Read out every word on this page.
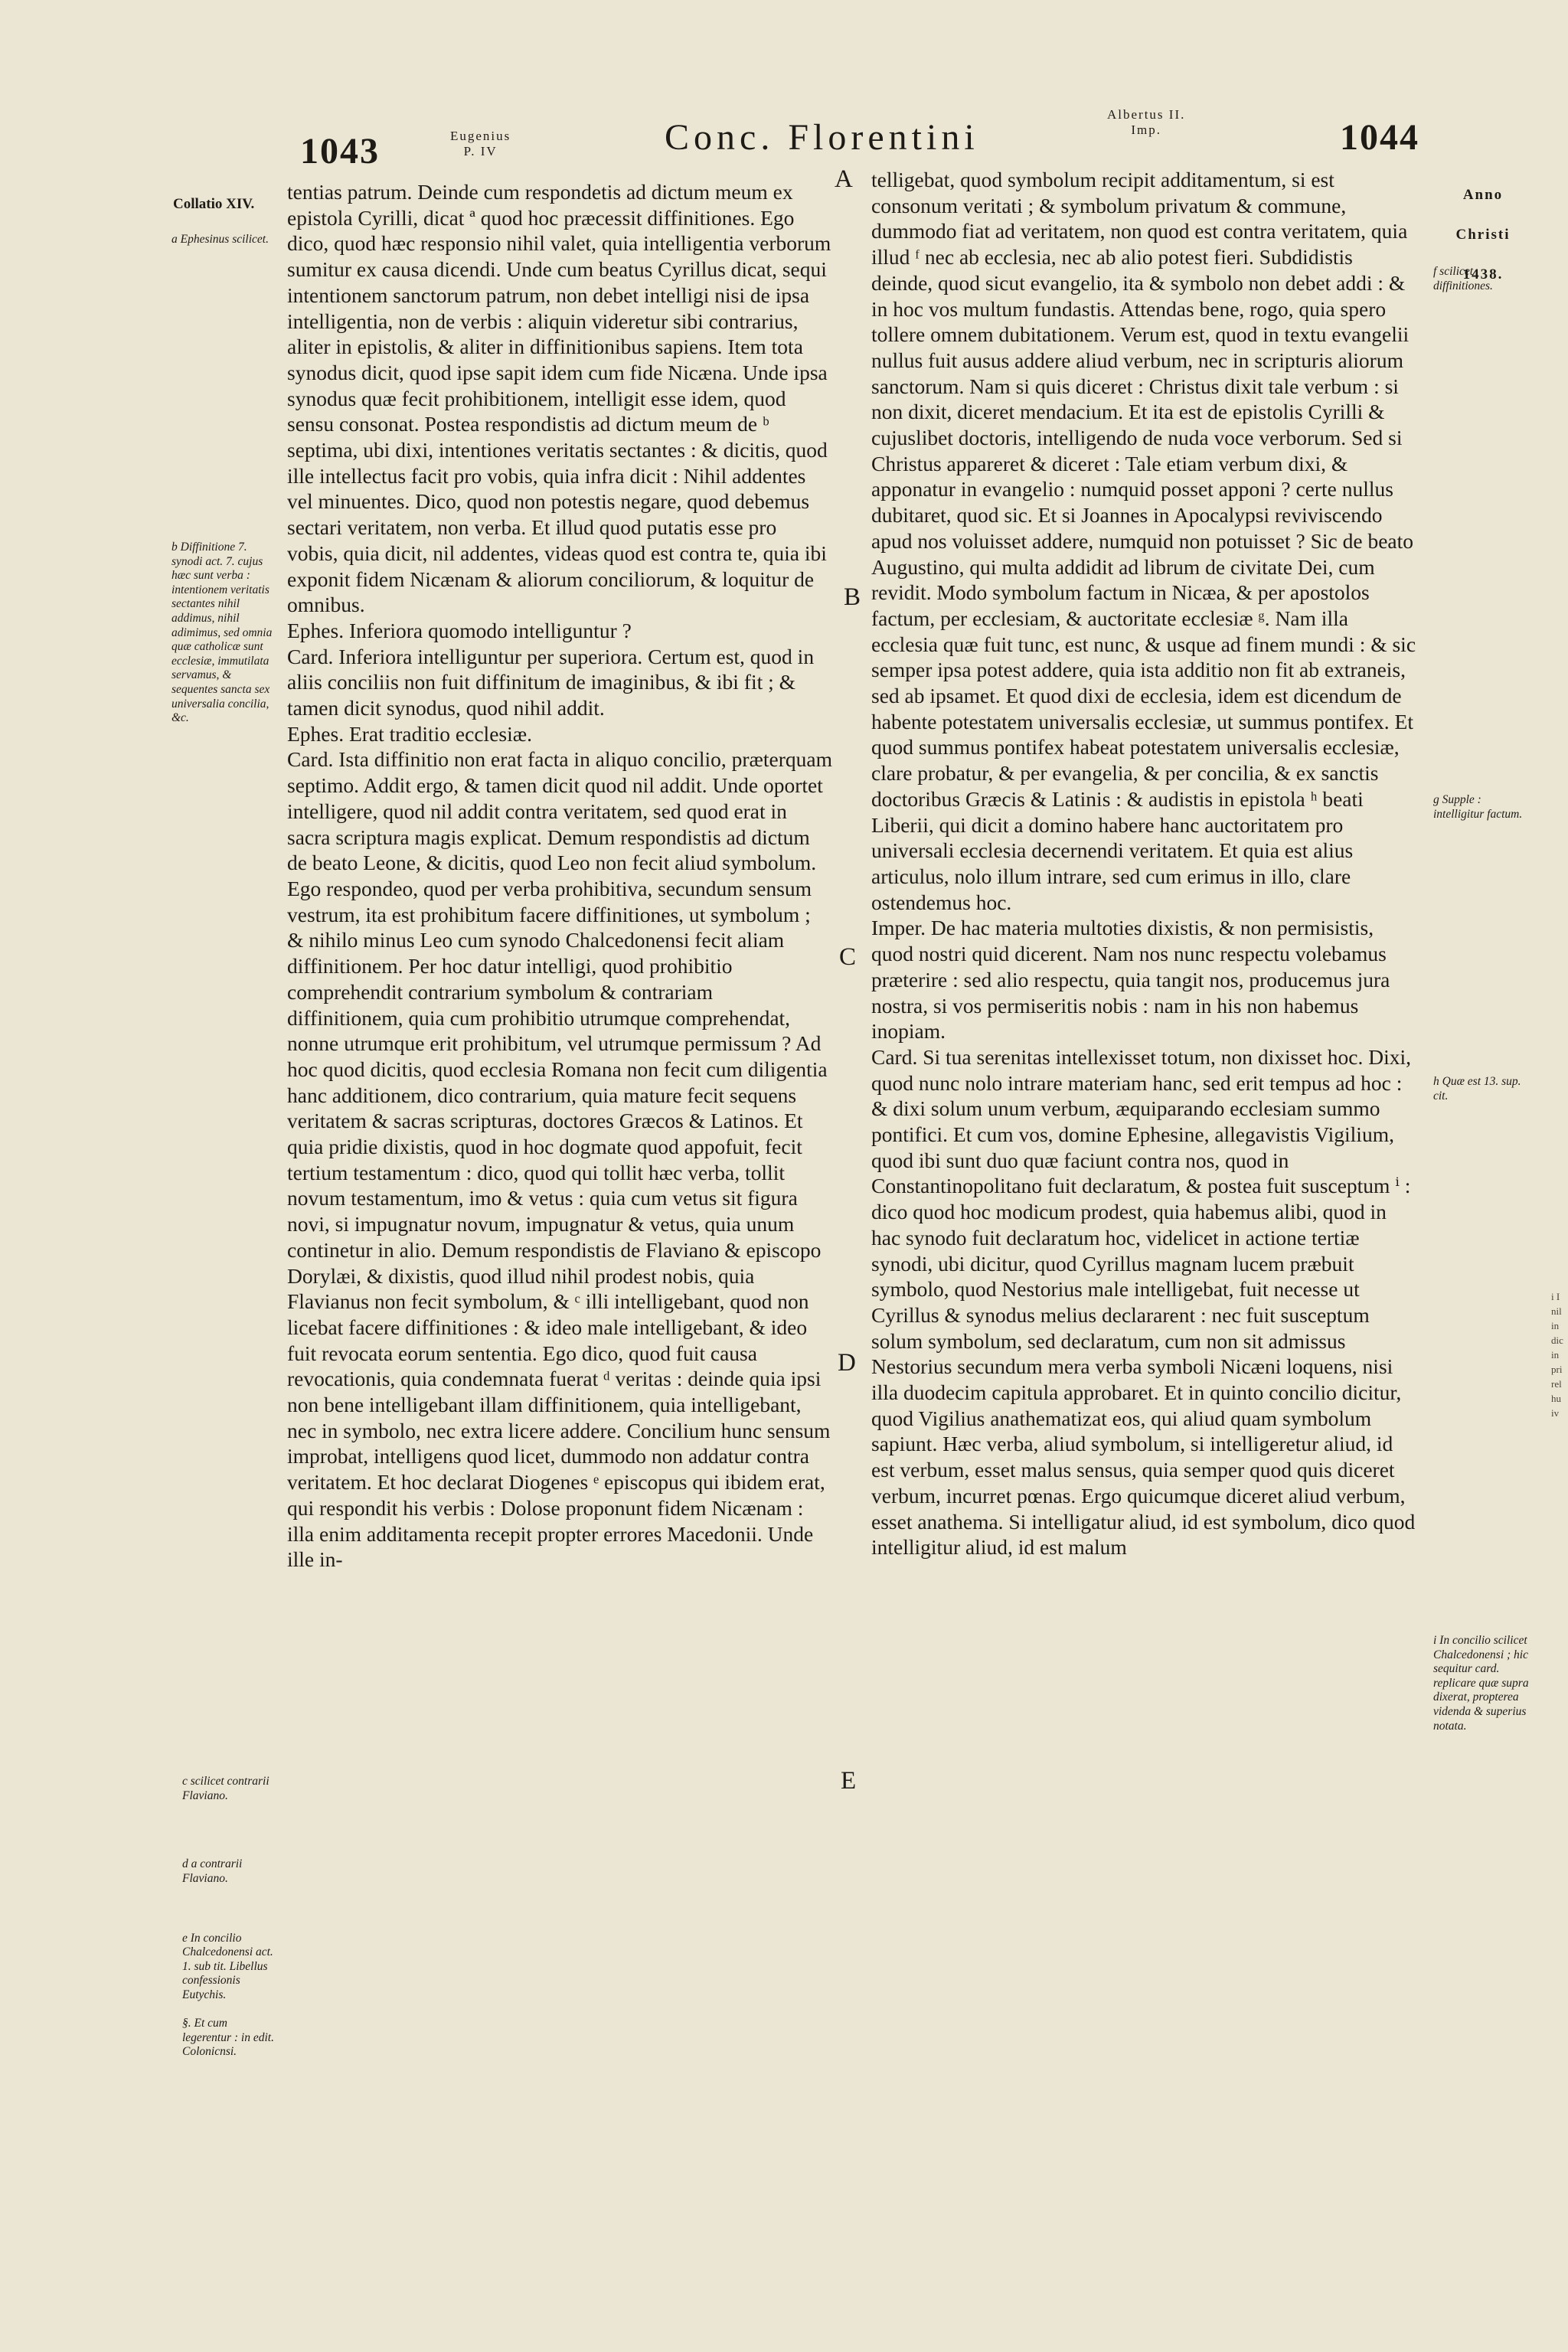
1043	Eugenius
P. IV	Conc. Florentini
Albertus II.
Imp.	1044
Collatio XIV.
a Ephesinus scilicet.
b Diffinitione 7. synodi act. 7. cujus hæc sunt verba : intentionem veritatis sectantes nihil addimus, nihil adimimus, sed omnia quæ catholicæ sunt ecclesiæ, immutilata servamus, & sequentes sancta sex universalia concilia, &c.
c scilicet contrarii Flaviano.
d a contrarii Flaviano.

e In concilio Chalcedonensi act. 1. sub tit. Libellus confessionis Eutychis.

§. Et cum legerentur : in edit. Colonicnsi.

Anno

Christi

1438.

f scilicet diffinitiones.
g Supple : intelligitur factum.
h Quæ est 13. sup. cit.
i In concilio scilicet Chalcedonensi ; hic sequitur card. replicare quæ supra dixerat, propterea videnda & superius notata.
A
B
C
D
E

tentias patrum. Deinde cum respondetis ad dictum meum ex epistola Cyrilli, dicat ª quod hoc præcessit diffinitiones. Ego dico, quod hæc responsio nihil valet, quia intelligentia verborum sumitur ex causa dicendi. Unde cum beatus Cyrillus dicat, sequi intentionem sanctorum patrum, non debet intelligi nisi de ipsa intelligentia, non de verbis : aliquin videretur sibi contrarius, aliter in epistolis, & aliter in diffinitionibus sapiens. Item tota synodus dicit, quod ipse sapit idem cum fide Nicæna. Unde ipsa synodus quæ fecit prohibitionem, intelligit esse idem, quod sensu consonat. Postea respondistis ad dictum meum de ᵇ septima, ubi dixi, intentiones veritatis sectantes : & dicitis, quod ille intellectus facit pro vobis, quia infra dicit : Nihil addentes vel minuentes. Dico, quod non potestis negare, quod debemus sectari veritatem, non verba. Et illud quod putatis esse pro vobis, quia dicit, nil addentes, videas quod est contra te, quia ibi exponit fidem Nicænam & aliorum conciliorum, & loquitur de omnibus.

Ephes. Inferiora quomodo intelliguntur ?

Card. Inferiora intelliguntur per superiora. Certum est, quod in aliis conciliis non fuit diffinitum de imaginibus, & ibi fit ; & tamen dicit synodus, quod nihil addit.

Ephes. Erat traditio ecclesiæ.

Card. Ista diffinitio non erat facta in aliquo concilio, præterquam septimo. Addit ergo, & tamen dicit quod nil addit. Unde oportet intelligere, quod nil addit contra veritatem, sed quod erat in sacra scriptura magis explicat. Demum respondistis ad dictum de beato Leone, & dicitis, quod Leo non fecit aliud symbolum. Ego respondeo, quod per verba prohibitiva, secundum sensum vestrum, ita est prohibitum facere diffinitiones, ut symbolum ; & nihilo minus Leo cum synodo Chalcedonensi fecit aliam diffinitionem. Per hoc datur intelligi, quod prohibitio comprehendit contrarium symbolum & contrariam diffinitionem, quia cum prohibitio utrumque comprehendat, nonne utrumque erit prohibitum, vel utrumque permissum ? Ad hoc quod dicitis, quod ecclesia Romana non fecit cum diligentia hanc additionem, dico contrarium, quia mature fecit sequens veritatem & sacras scripturas, doctores Græcos & Latinos. Et quia pridie dixistis, quod in hoc dogmate quod appofuit, fecit tertium testamentum : dico, quod qui tollit hæc verba, tollit novum testamentum, imo & vetus : quia cum vetus sit figura novi, si impugnatur novum, impugnatur & vetus, quia unum continetur in alio. Demum respondistis de Flaviano & episcopo Dorylæi, & dixistis, quod illud nihil prodest nobis, quia Flavianus non fecit symbolum, & ᶜ illi intelligebant, quod non licebat facere diffinitiones : & ideo male intelligebant, & ideo fuit revocata eorum sententia. Ego dico, quod fuit causa revocationis, quia condemnata fuerat ᵈ veritas : deinde quia ipsi non bene intelligebant illam diffinitionem, quia intelligebant, nec in symbolo, nec extra licere addere. Concilium hunc sensum improbat, intelligens quod licet, dummodo non addatur contra veritatem. Et hoc declarat Diogenes ᵉ episcopus qui ibidem erat, qui respondit his verbis : Dolose proponunt fidem Nicænam : illa enim additamenta recepit propter errores Macedonii. Unde ille in-

telligebat, quod symbolum recipit additamentum, si est consonum veritati ; & symbolum privatum & commune, dummodo fiat ad veritatem, non quod est contra veritatem, quia illud ᶠ nec ab ecclesia, nec ab alio potest fieri. Subdidistis deinde, quod sicut evangelio, ita & symbolo non debet addi : & in hoc vos multum fundastis. Attendas bene, rogo, quia spero tollere omnem dubitationem. Verum est, quod in textu evangelii nullus fuit ausus addere aliud verbum, nec in scripturis aliorum sanctorum. Nam si quis diceret : Christus dixit tale verbum : si non dixit, diceret mendacium. Et ita est de epistolis Cyrilli & cujuslibet doctoris, intelligendo de nuda voce verborum. Sed si Christus appareret & diceret : Tale etiam verbum dixi, & apponatur in evangelio : numquid posset apponi ? certe nullus dubitaret, quod sic. Et si Joannes in Apocalypsi reviviscendo apud nos voluisset addere, numquid non potuisset ? Sic de beato Augustino, qui multa addidit ad librum de civitate Dei, cum revidit. Modo symbolum factum in Nicæa, & per apostolos factum, per ecclesiam, & auctoritate ecclesiæ ᵍ. Nam illa ecclesia quæ fuit tunc, est nunc, & usque ad finem mundi : & sic semper ipsa potest addere, quia ista additio non fit ab extraneis, sed ab ipsamet. Et quod dixi de ecclesia, idem est dicendum de habente potestatem universalis ecclesiæ, ut summus pontifex. Et quod summus pontifex habeat potestatem universalis ecclesiæ, clare probatur, & per evangelia, & per concilia, & ex sanctis doctoribus Græcis & Latinis : & audistis in epistola ʰ beati Liberii, qui dicit a domino habere hanc auctoritatem pro universali ecclesia decernendi veritatem. Et quia est alius articulus, nolo illum intrare, sed cum erimus in illo, clare ostendemus hoc.

Imper. De hac materia multoties dixistis, & non permisistis, quod nostri quid dicerent. Nam nos nunc respectu volebamus præterire : sed alio respectu, quia tangit nos, producemus jura nostra, si vos permiseritis nobis : nam in his non habemus inopiam.

Card. Si tua serenitas intellexisset totum, non dixisset hoc. Dixi, quod nunc nolo intrare materiam hanc, sed erit tempus ad hoc : & dixi solum unum verbum, æquiparando ecclesiam summo pontifici. Et cum vos, domine Ephesine, allegavistis Vigilium, quod ibi sunt duo quæ faciunt contra nos, quod in Constantinopolitano fuit declaratum, & postea fuit susceptum ⁱ : dico quod hoc modicum prodest, quia habemus alibi, quod in hac synodo fuit declaratum hoc, videlicet in actione tertiæ synodi, ubi dicitur, quod Cyrillus magnam lucem præbuit symbolo, quod Nestorius male intelligebat, fuit necesse ut Cyrillus & synodus melius declararent : nec fuit susceptum solum symbolum, sed declaratum, cum non sit admissus Nestorius secundum mera verba symboli Nicæni loquens, nisi illa duodecim capitula approbaret. Et in quinto concilio dicitur, quod Vigilius anathematizat eos, qui aliud quam symbolum sapiunt. Hæc verba, aliud symbolum, si intelligeretur aliud, id est verbum, esset malus sensus, quia semper quod quis diceret verbum, incurret pœnas. Ergo quicumque diceret aliud verbum, esset anathema. Si intelligatur aliud, id est symbolum, dico quod intelligitur aliud, id est malum

i I
nil
in
dic
in
pri
rel
hu
iv
